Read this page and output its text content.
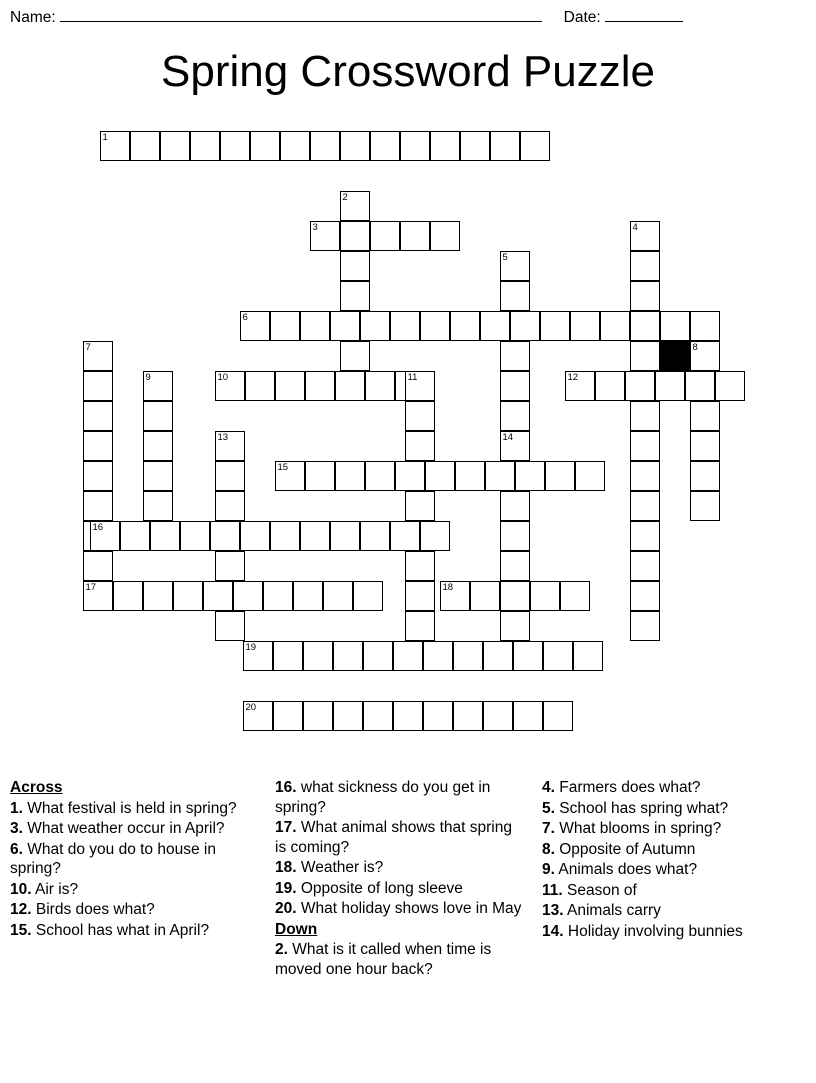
Name:	Date:
Spring Crossword Puzzle
1
2
3	4
5
6
7	8
9	10	11	12
13	14
15
16
17	18
19
20
Across
1. What festival is held in spring?
3. What weather occur in April?
6. What do you do to house in spring?
10. Air is?
12. Birds does what?
15. School has what in April?
16. what sickness do you get in spring?
17. What animal shows that spring is coming?
18. Weather is?
19. Opposite of long sleeve
20. What holiday shows love in May
Down
2. What is it called when time is moved one hour back?
4. Farmers does what?
5. School has spring what?
7. What blooms in spring?
8. Opposite of Autumn
9. Animals does what?
11. Season of
13. Animals carry
14. Holiday involving bunnies
